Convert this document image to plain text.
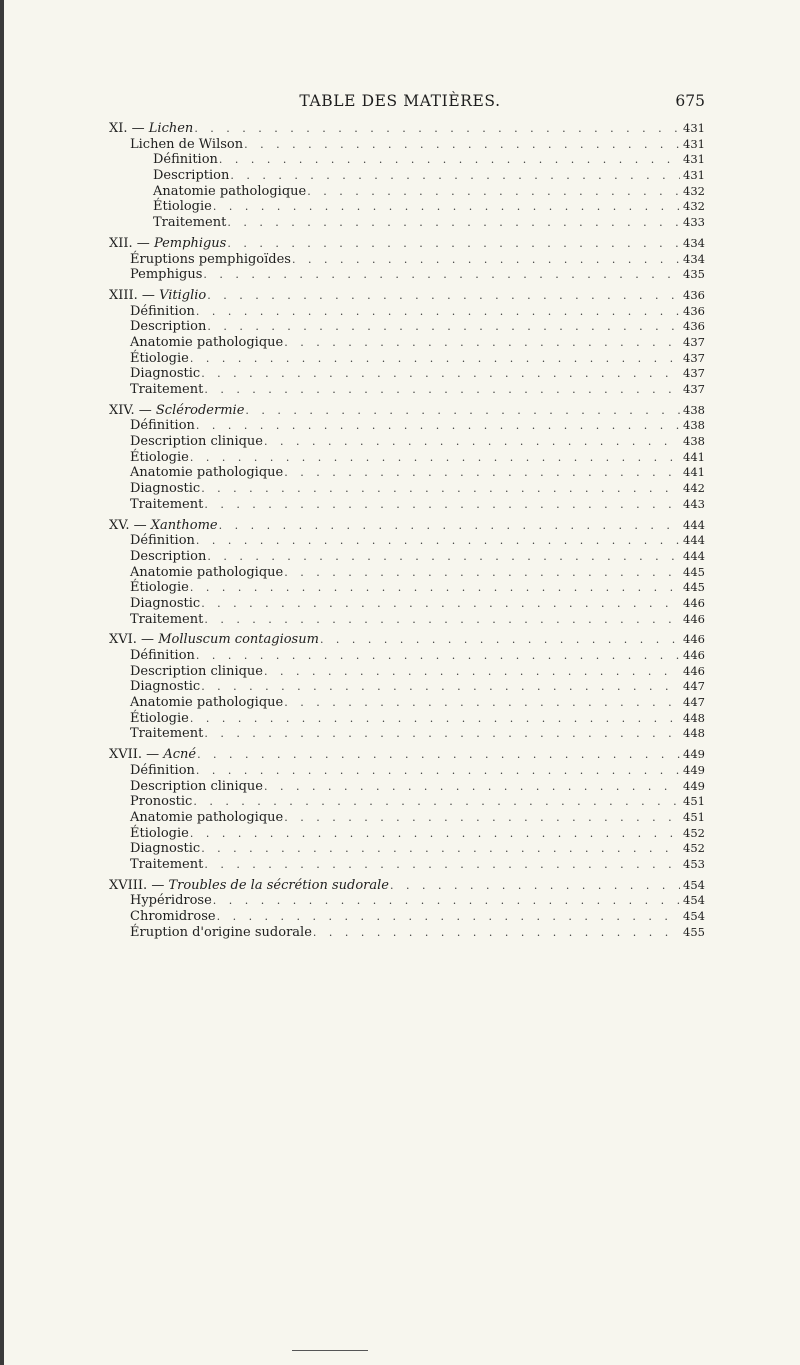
TABLE DES MATIÈRES.	675
XI. — Lichen . . .	431
Lichen de Wilson . . .	431
Définition . . .	431
Description . . .	431
Anatomie pathologique . . .	432
Étiologie . . .	432
Traitement . . .	433
XII. — Pemphigus . . .	434
Éruptions pemphigoïdes . . .	434
Pemphigus . . .	435
XIII. — Vitiglio . . .	436
Définition . . .	436
Description . . .	436
Anatomie pathologique . . .	437
Étiologie . . .	437
Diagnostic . . .	437
Traitement . . .	437
XIV. — Sclérodermie . . .	438
Définition . . .	438
Description clinique . . .	438
Étiologie . . .	441
Anatomie pathologique . . .	441
Diagnostic . . .	442
Traitement . . .	443
XV. — Xanthome . . .	444
Définition . . .	444
Description . . .	444
Anatomie pathologique . . .	445
Étiologie . . .	445
Diagnostic . . .	446
Traitement . . .	446
XVI. — Molluscum contagiosum . . .	446
Définition . . .	446
Description clinique . . .	446
Diagnostic . . .	447
Anatomie pathologique . . .	447
Étiologie . . .	448
Traitement . . .	448
XVII. — Acné . . .	449
Définition . . .	449
Description clinique . . .	449
Pronostic . . .	451
Anatomie pathologique . . .	451
Étiologie . . .	452
Diagnostic . . .	452
Traitement . . .	453
XVIII. — Troubles de la sécrétion sudorale . . .	454
Hypéridrose . . .	454
Chromidrose . . .	454
Éruption d'origine sudorale . . .	455
